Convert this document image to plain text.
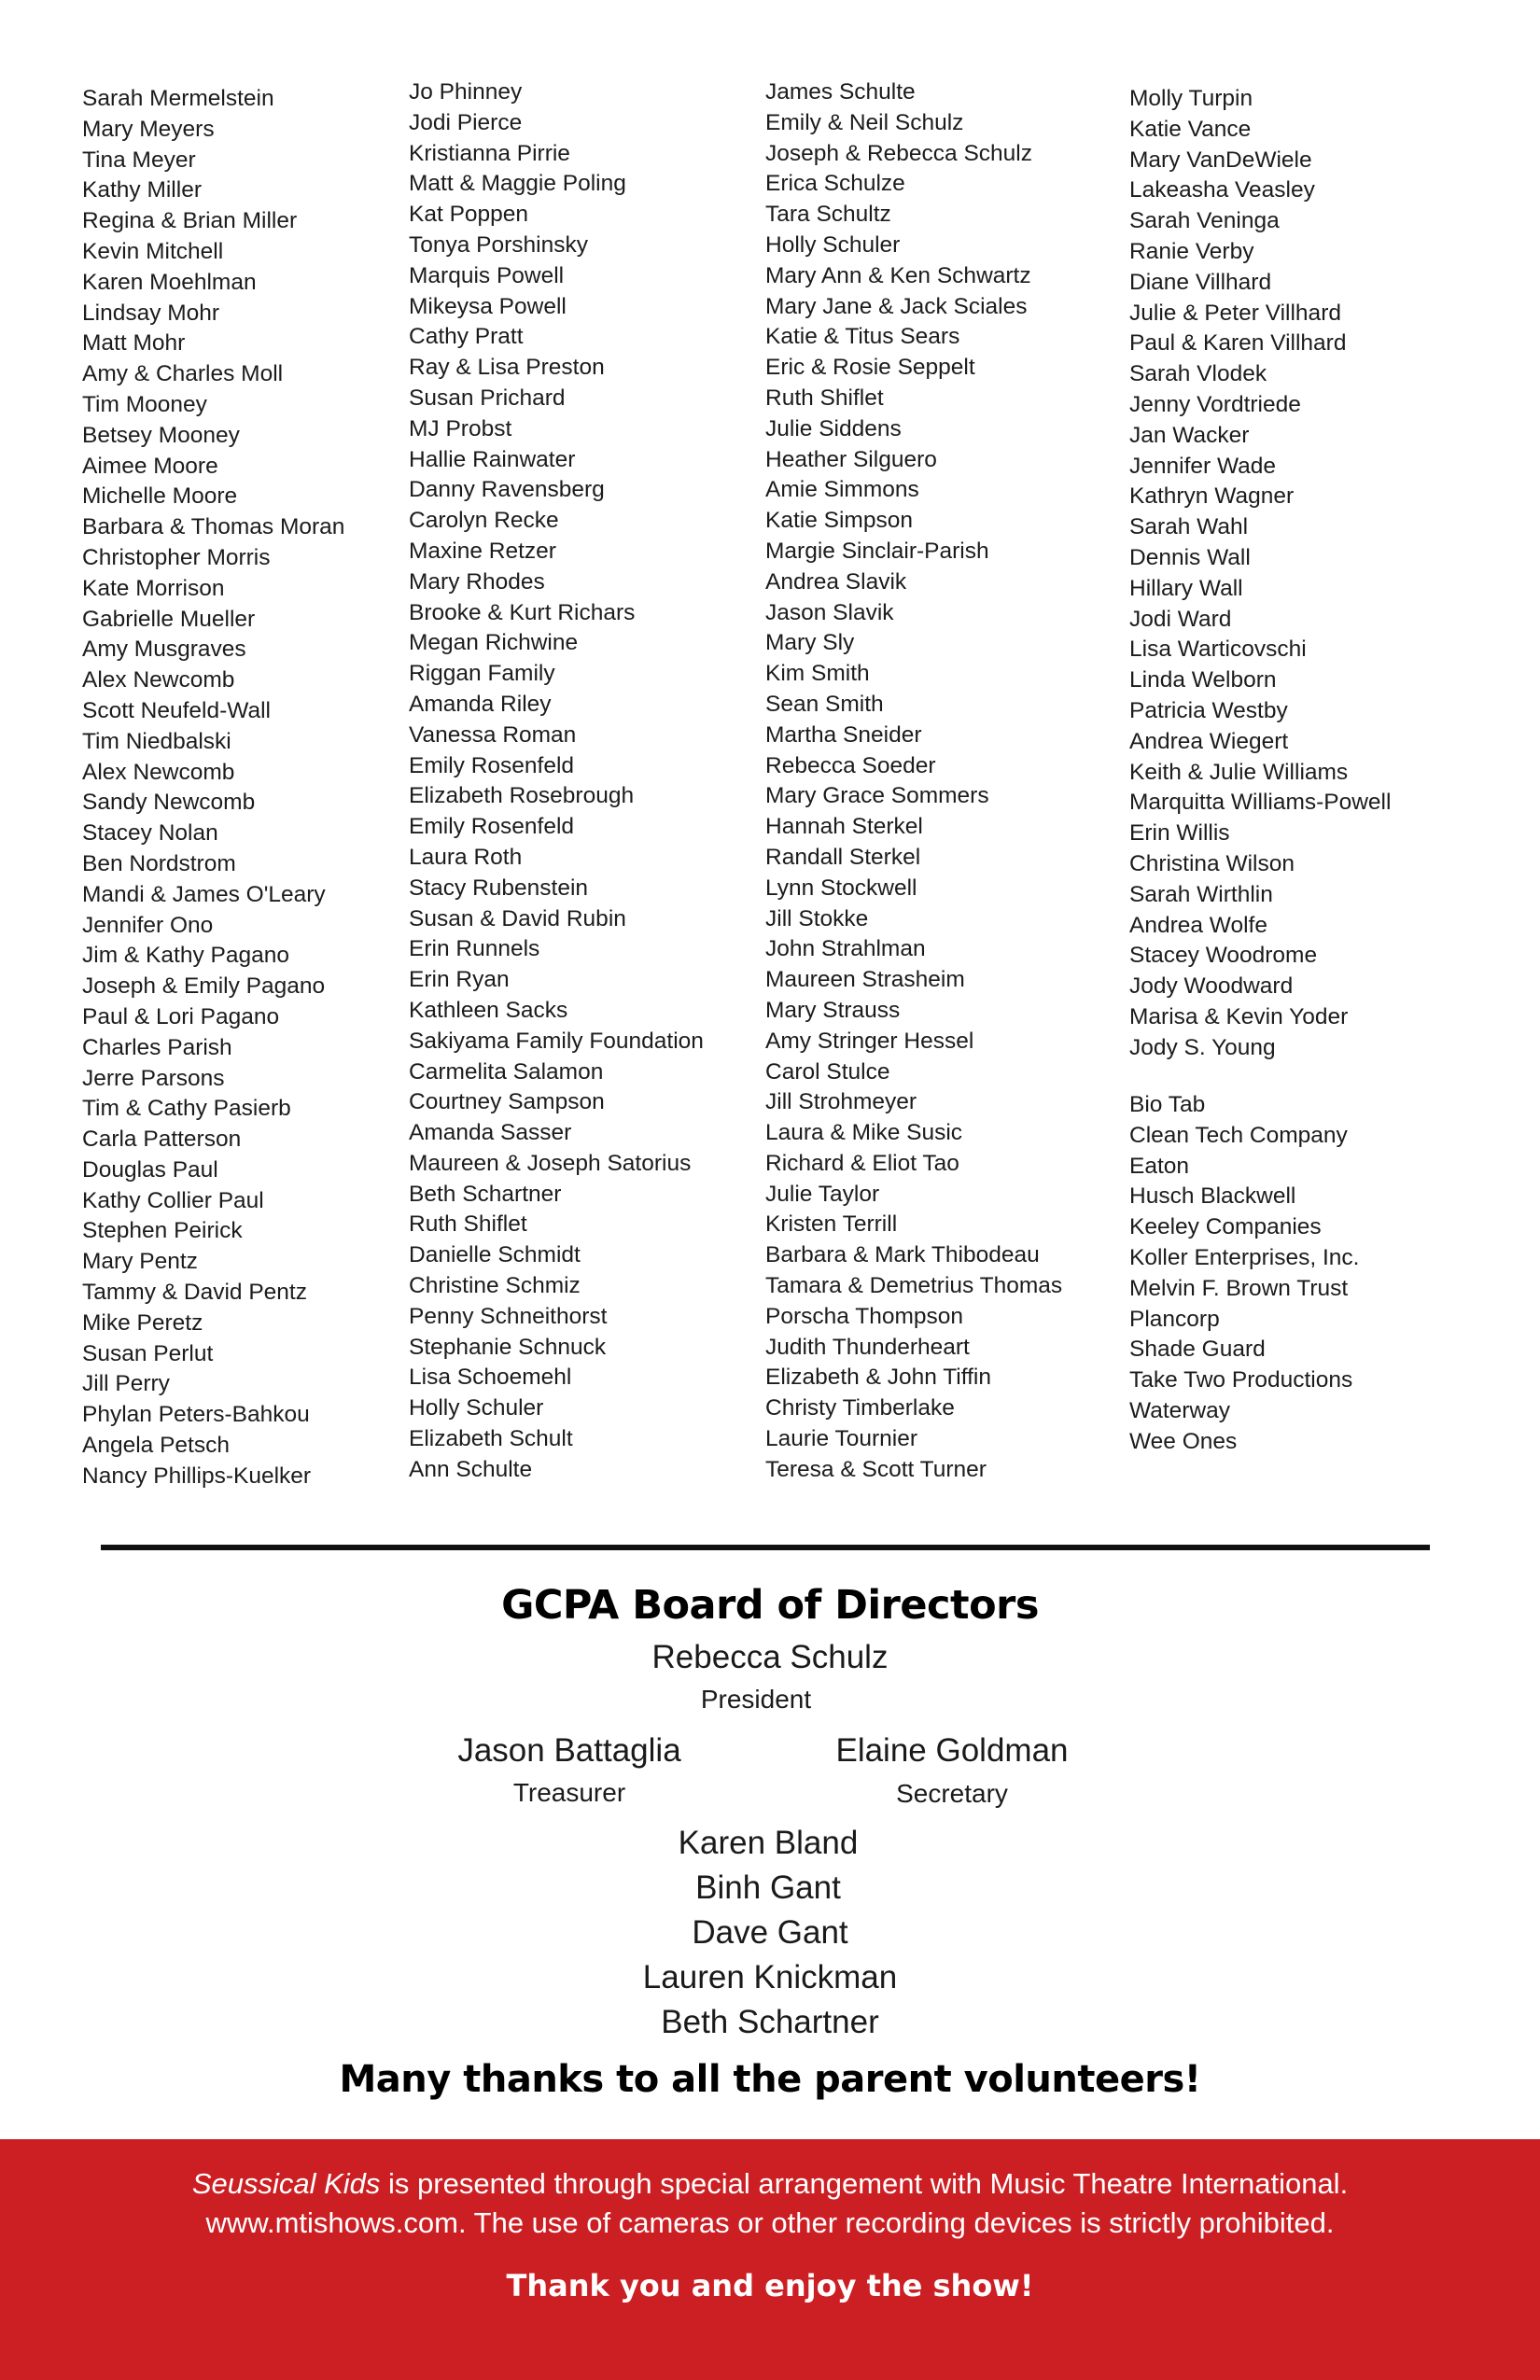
Sarah Mermelstein
Mary Meyers
Tina Meyer
Kathy Miller
Regina & Brian Miller
Kevin Mitchell
Karen Moehlman
Lindsay Mohr
Matt Mohr
Amy & Charles Moll
Tim Mooney
Betsey Mooney
Aimee Moore
Michelle Moore
Barbara & Thomas Moran
Christopher Morris
Kate Morrison
Gabrielle Mueller
Amy Musgraves
Alex Newcomb
Scott Neufeld-Wall
Tim Niedbalski
Alex Newcomb
Sandy Newcomb
Stacey Nolan
Ben Nordstrom
Mandi & James O'Leary
Jennifer Ono
Jim & Kathy Pagano
Joseph & Emily Pagano
Paul & Lori Pagano
Charles Parish
Jerre Parsons
Tim & Cathy Pasierb
Carla Patterson
Douglas Paul
Kathy Collier Paul
Stephen Peirick
Mary Pentz
Tammy & David Pentz
Mike Peretz
Susan Perlut
Jill Perry
Phylan Peters-Bahkou
Angela Petsch
Nancy Phillips-Kuelker
Jo Phinney
Jodi Pierce
Kristianna Pirrie
Matt & Maggie Poling
Kat Poppen
Tonya Porshinsky
Marquis Powell
Mikeysa Powell
Cathy Pratt
Ray & Lisa Preston
Susan Prichard
MJ Probst
Hallie Rainwater
Danny Ravensberg
Carolyn Recke
Maxine Retzer
Mary Rhodes
Brooke & Kurt Richars
Megan Richwine
Riggan Family
Amanda Riley
Vanessa Roman
Emily Rosenfeld
Elizabeth Rosebrough
Emily Rosenfeld
Laura Roth
Stacy Rubenstein
Susan & David Rubin
Erin Runnels
Erin Ryan
Kathleen Sacks
Sakiyama Family Foundation
Carmelita Salamon
Courtney Sampson
Amanda Sasser
Maureen & Joseph Satorius
Beth Schartner
Ruth Shiflet
Danielle Schmidt
Christine Schmiz
Penny Schneithorst
Stephanie Schnuck
Lisa Schoemehl
Holly Schuler
Elizabeth Schult
Ann Schulte
James Schulte
Emily & Neil Schulz
Joseph & Rebecca Schulz
Erica Schulze
Tara Schultz
Holly Schuler
Mary Ann & Ken Schwartz
Mary Jane & Jack Sciales
Katie & Titus Sears
Eric & Rosie Seppelt
Ruth Shiflet
Julie Siddens
Heather Silguero
Amie Simmons
Katie Simpson
Margie Sinclair-Parish
Andrea Slavik
Jason Slavik
Mary Sly
Kim Smith
Sean Smith
Martha Sneider
Rebecca Soeder
Mary Grace Sommers
Hannah Sterkel
Randall Sterkel
Lynn Stockwell
Jill Stokke
John Strahlman
Maureen Strasheim
Mary Strauss
Amy Stringer Hessel
Carol Stulce
Jill Strohmeyer
Laura & Mike Susic
Richard & Eliot Tao
Julie Taylor
Kristen Terrill
Barbara & Mark Thibodeau
Tamara & Demetrius Thomas
Porscha Thompson
Judith Thunderheart
Elizabeth & John Tiffin
Christy Timberlake
Laurie Tournier
Teresa & Scott Turner
Molly Turpin
Katie Vance
Mary VanDeWiele
Lakeasha Veasley
Sarah Veninga
Ranie Verby
Diane Villhard
Julie & Peter Villhard
Paul & Karen Villhard
Sarah Vlodek
Jenny Vordtriede
Jan Wacker
Jennifer Wade
Kathryn Wagner
Sarah Wahl
Dennis Wall
Hillary Wall
Jodi Ward
Lisa Warticovschi
Linda Welborn
Patricia Westby
Andrea Wiegert
Keith & Julie Williams
Marquitta Williams-Powell
Erin Willis
Christina Wilson
Sarah Wirthlin
Andrea Wolfe
Stacey Woodrome
Jody Woodward
Marisa & Kevin Yoder
Jody S. Young
Bio Tab
Clean Tech Company
Eaton
Husch Blackwell
Keeley Companies
Koller Enterprises, Inc.
Melvin F. Brown Trust
Plancorp
Shade Guard
Take Two Productions
Waterway
Wee Ones
GCPA Board of Directors
Rebecca Schulz
President
Jason Battaglia
Treasurer
Elaine Goldman
Secretary
Karen Bland
Binh Gant
Dave Gant
Lauren Knickman
Beth Schartner
Many thanks to all the parent volunteers!
Seussical Kids is presented through special arrangement with Music Theatre International.
www.mtishows.com. The use of cameras or other recording devices is strictly prohibited.
Thank you and enjoy the show!
